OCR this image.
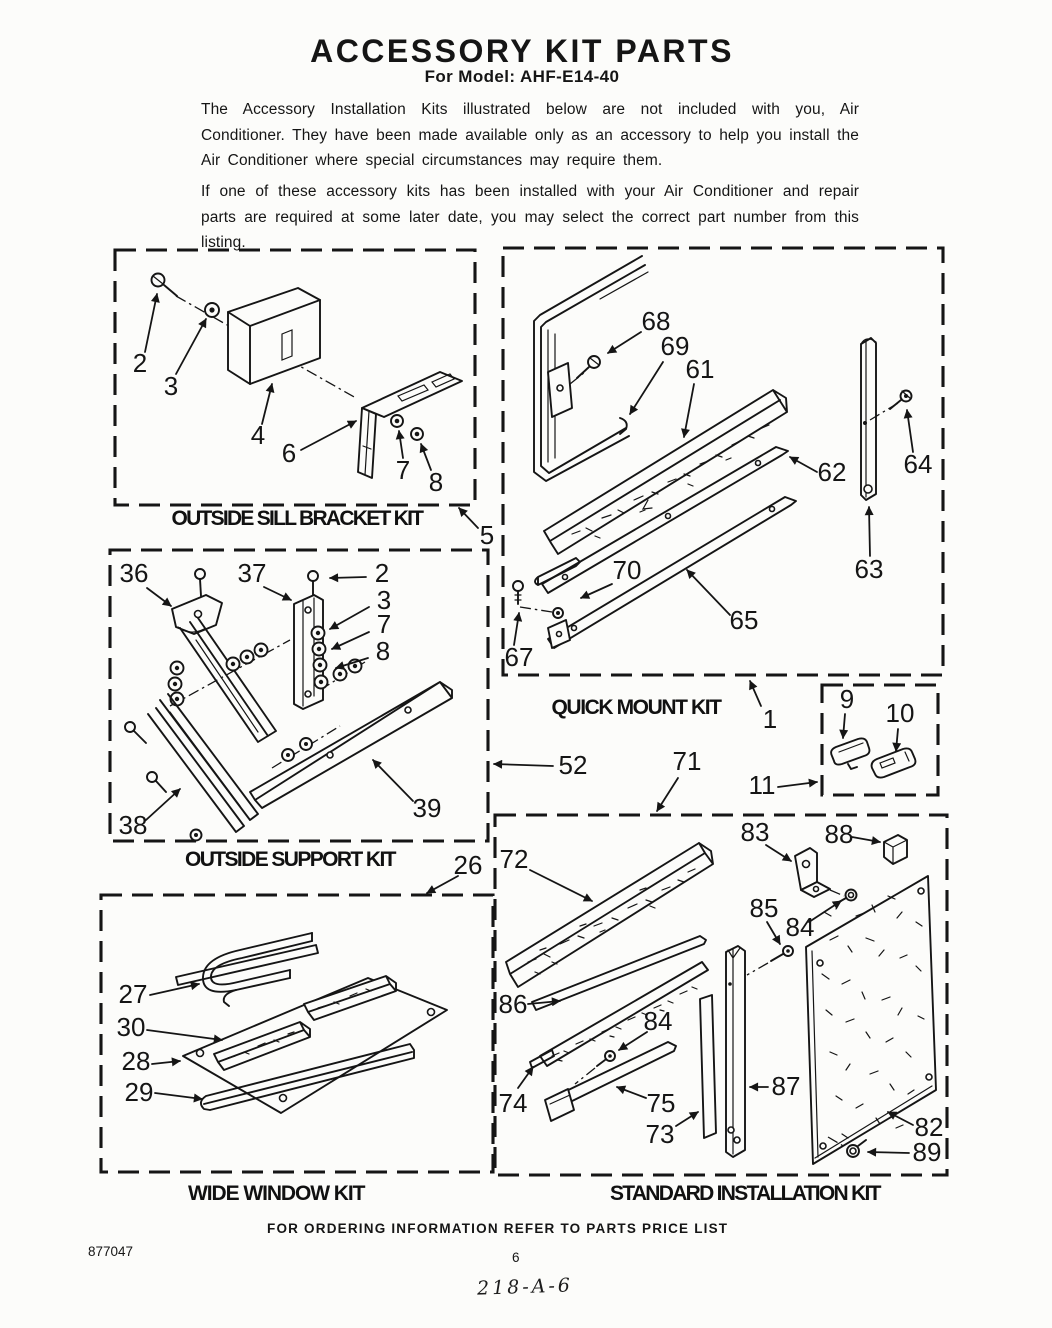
ACCESSORY KIT PARTS
For Model: AHF-E14-40

The Accessory Installation Kits illustrated below are not included with you, Air Conditioner. They have been made available only as an accessory to help you install the Air Conditioner where special circumstances may require them.

If one of these accessory kits has been installed with your Air Conditioner and repair parts are required at some later date, you may select the correct part number from this listing.

2
3
4
6
7 8
5
OUTSIDE SILL BRACKET KIT
68
69
61
62 64
63
70
65
67
1
QUICK MOUNT KIT	9 10
11
36	37	2
3
7
8
38
39
52
26
OUTSIDE SUPPORT KIT
27
30
28
29
WIDE WINDOW KIT
72
83 88
84
85
86
84
74	75
73
87
82
89
71
STANDARD INSTALLATION KIT
FOR ORDERING INFORMATION REFER TO PARTS PRICE LIST
877047	6
218-A-6
